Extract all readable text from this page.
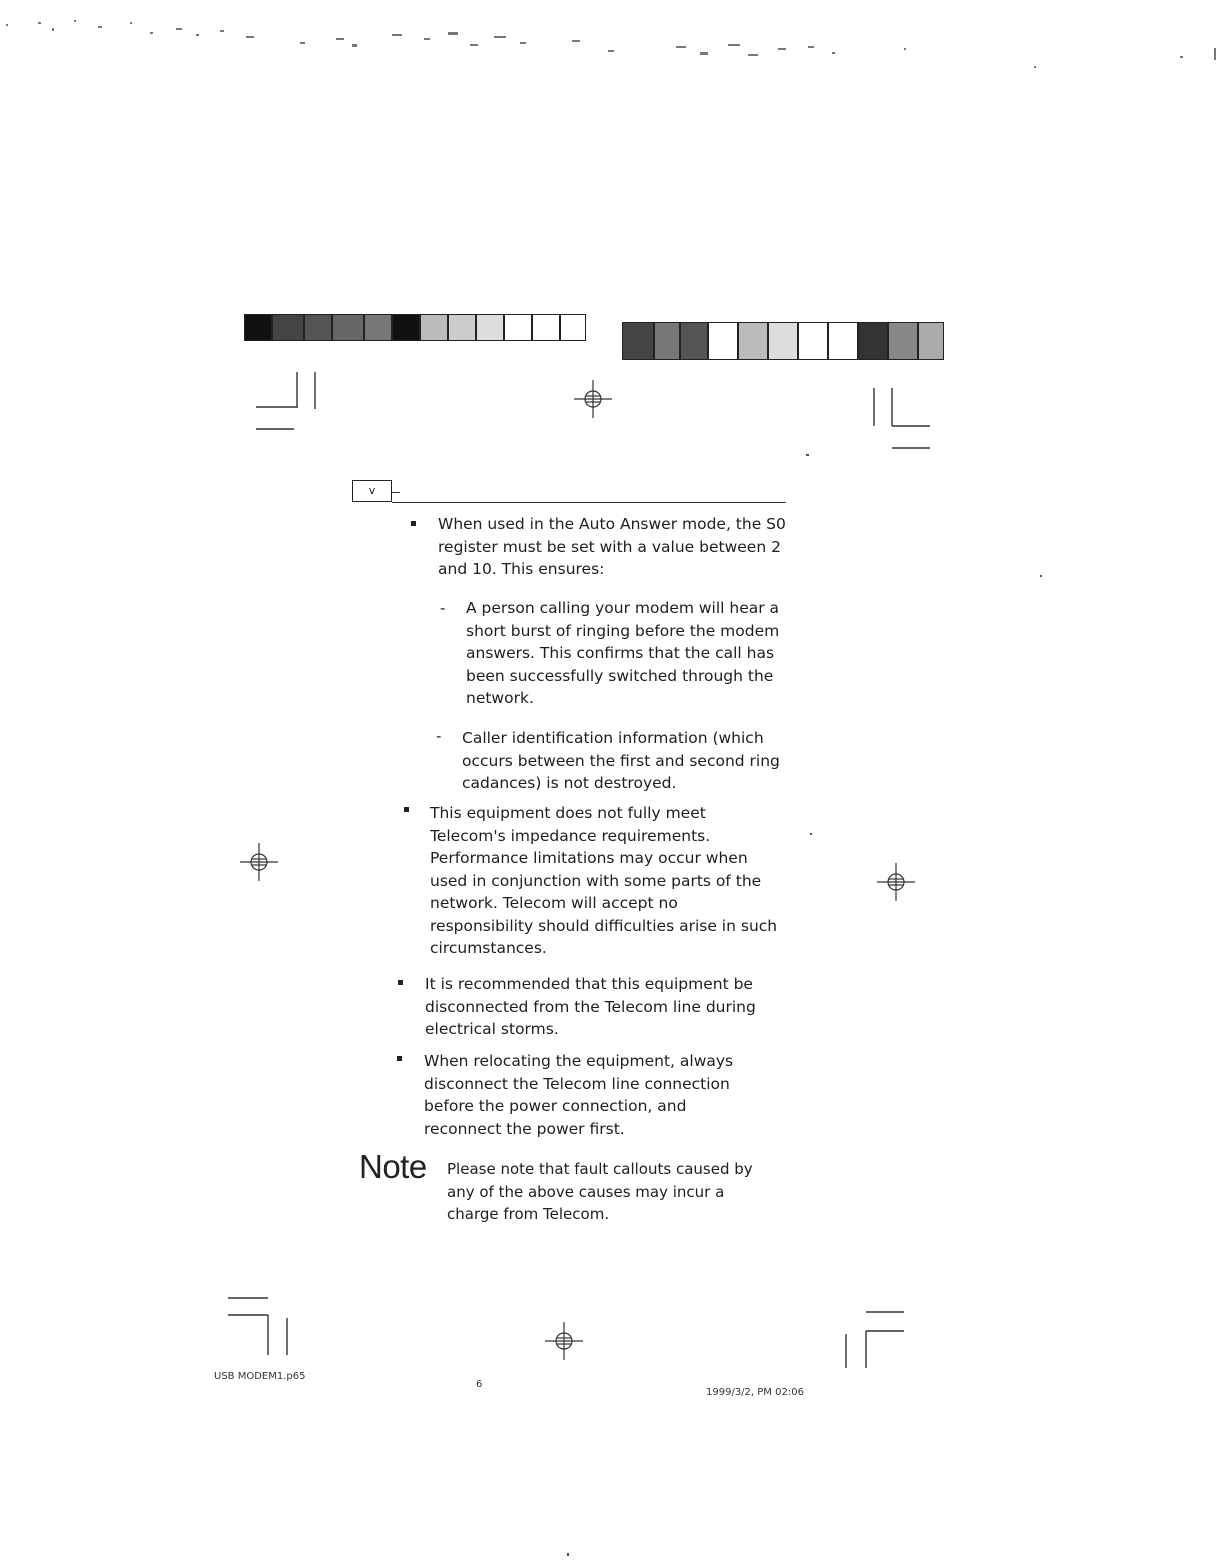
v
When used in the Auto Answer mode, the S0 register must be set with a value between 2 and 10. This ensures:
- A person calling your modem will hear a short burst of ringing before the modem answers. This confirms that the call has been successfully switched through the network.
- Caller identification information (which occurs between the first and second ring cadances) is not destroyed.
This equipment does not fully meet Telecom's impedance requirements. Performance limitations may occur when used in conjunction with some parts of the network. Telecom will accept no responsibility should difficulties arise in such circumstances.
It is recommended that this equipment be disconnected from the Telecom line during electrical storms.
When relocating the equipment, always disconnect the Telecom line connection before the power connection, and reconnect the power first.
Note Please note that fault callouts caused by any of the above causes may incur a charge from Telecom.
USB MODEM1.p65
6
1999/3/2, PM 02:06
